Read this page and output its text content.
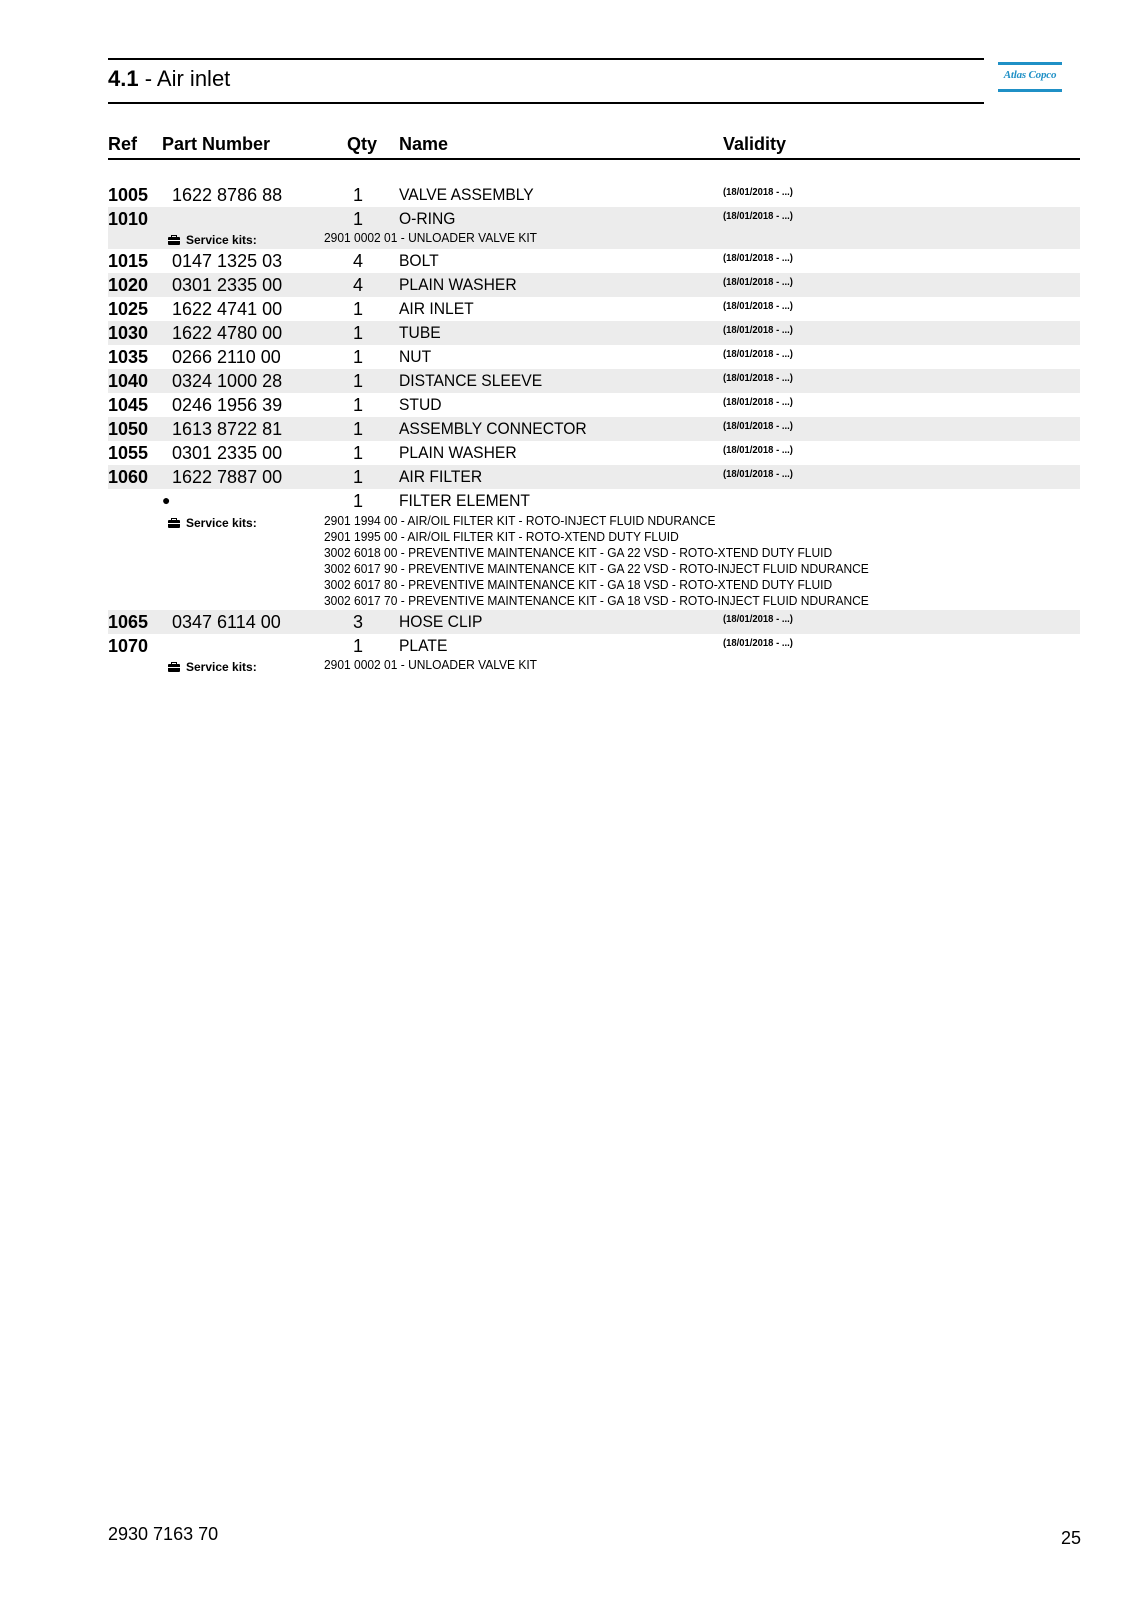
4.1 - Air inlet	Atlas Copco
Ref Part Number	Qty Name	Validity
1005 1622 8786 88	1	VALVE ASSEMBLY	(18/01/2018 - ...)
1010	1	O-RING	(18/01/2018 - ...)
Service kits:	2901 0002 01 - UNLOADER VALVE KIT
1015 0147 1325 03	4	BOLT	(18/01/2018 - ...)
1020 0301 2335 00	4	PLAIN WASHER	(18/01/2018 - ...)
1025 1622 4741 00	1	AIR INLET	(18/01/2018 - ...)
1030 1622 4780 00	1	TUBE	(18/01/2018 - ...)
1035 0266 2110 00	1	NUT	(18/01/2018 - ...)
1040 0324 1000 28	1	DISTANCE SLEEVE	(18/01/2018 - ...)
1045 0246 1956 39	1	STUD	(18/01/2018 - ...)
1050 1613 8722 81	1	ASSEMBLY CONNECTOR	(18/01/2018 - ...)
1055 0301 2335 00	1	PLAIN WASHER	(18/01/2018 - ...)
1060 1622 7887 00	1	AIR FILTER	(18/01/2018 - ...)
●	1	FILTER ELEMENT
Service kits:	2901 1994 00 - AIR/OIL FILTER KIT - ROTO-INJECT FLUID NDURANCE
2901 1995 00 - AIR/OIL FILTER KIT - ROTO-XTEND DUTY FLUID
3002 6018 00 - PREVENTIVE MAINTENANCE KIT - GA 22 VSD - ROTO-XTEND DUTY FLUID
3002 6017 90 - PREVENTIVE MAINTENANCE KIT - GA 22 VSD - ROTO-INJECT FLUID NDURANCE
3002 6017 80 - PREVENTIVE MAINTENANCE KIT - GA 18 VSD - ROTO-XTEND DUTY FLUID
3002 6017 70 - PREVENTIVE MAINTENANCE KIT - GA 18 VSD - ROTO-INJECT FLUID NDURANCE
1065 0347 6114 00	3	HOSE CLIP	(18/01/2018 - ...)
1070	1	PLATE	(18/01/2018 - ...)
Service kits:	2901 0002 01 - UNLOADER VALVE KIT
2930 7163 70	25
